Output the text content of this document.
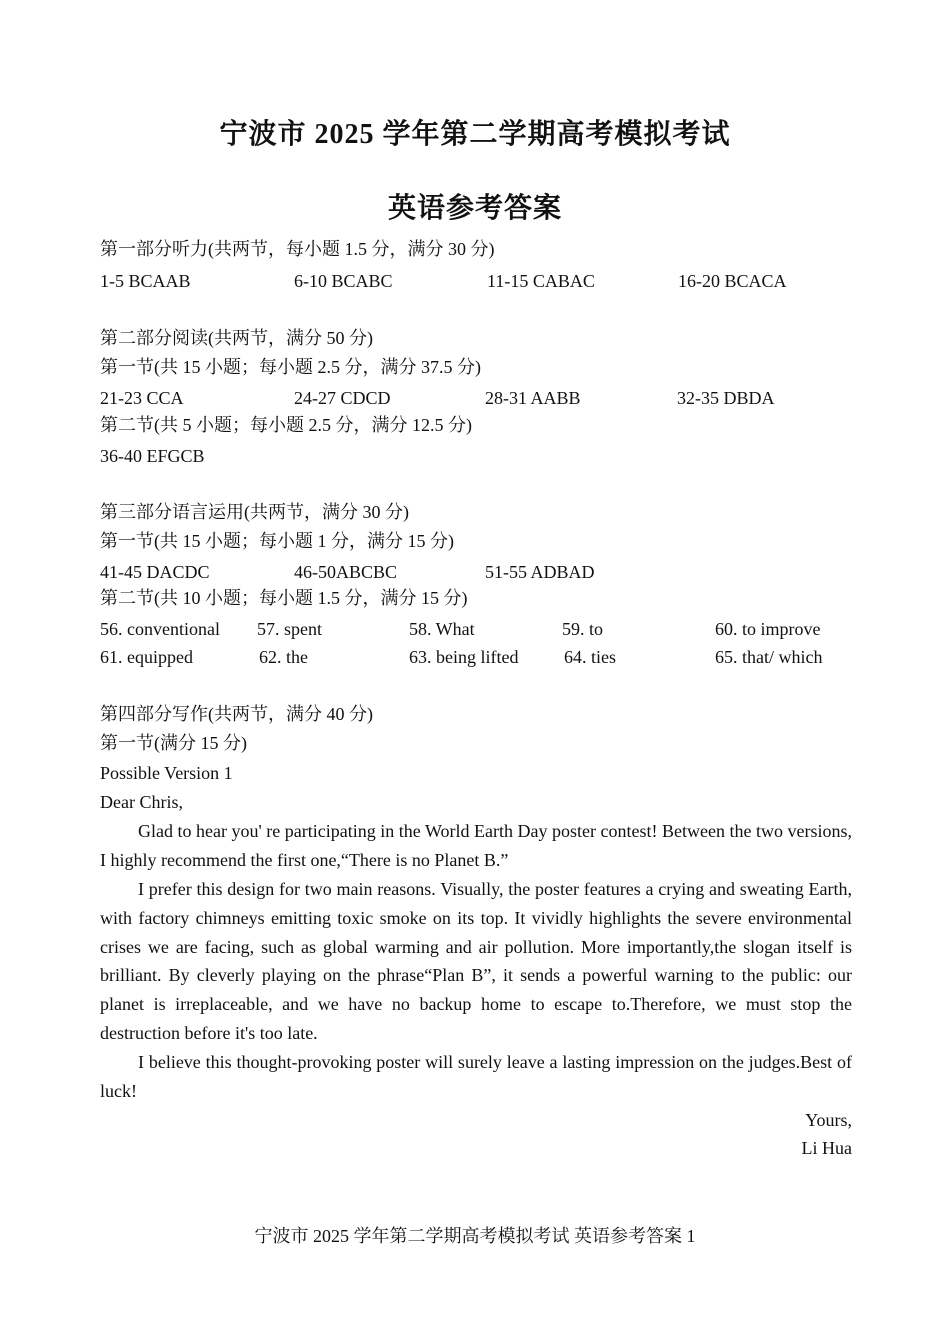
宁波市 2025 学年第二学期高考模拟考试
英语参考答案
第一部分听力(共两节，每小题 1.5 分，满分 30 分)
1-5 BCAAB	6-10 BCABC	11-15 CABAC	16-20 BCACA
第二部分阅读(共两节，满分 50 分)
第一节(共 15 小题；每小题 2.5 分，满分 37.5 分)
21-23 CCA	24-27 CDCD	28-31 AABB	32-35 DBDA
第二节(共 5 小题；每小题 2.5 分，满分 12.5 分)
36-40 EFGCB
第三部分语言运用(共两节，满分 30 分)
第一节(共 15 小题；每小题 1 分，满分 15 分)
41-45 DACDC	46-50ABCBC	51-55 ADBAD
第二节(共 10 小题；每小题 1.5 分，满分 15 分)
56. conventional 57. spent	58. What	59. to	60. to improve
61. equipped	62. the	63. being lifted	64. ties	65. that/ which
第四部分写作(共两节，满分 40 分)
第一节(满分 15 分)
Possible Version 1
Dear Chris,
Glad to hear you' re participating in the World Earth Day poster contest! Between the two versions, I highly recommend the first one,“There is no Planet B.”
I prefer this design for two main reasons. Visually, the poster features a crying and sweating Earth, with factory chimneys emitting toxic smoke on its top. It vividly highlights the severe environmental crises we are facing, such as global warming and air pollution. More importantly,the slogan itself is brilliant. By cleverly playing on the phrase“Plan B”, it sends a powerful warning to the public: our planet is irreplaceable, and we have no backup home to escape to.Therefore, we must stop the destruction before it's too late.
I believe this thought-provoking poster will surely leave a lasting impression on the judges.Best of luck!
Yours,
Li Hua
宁波市 2025 学年第二学期高考模拟考试 英语参考答案 1
